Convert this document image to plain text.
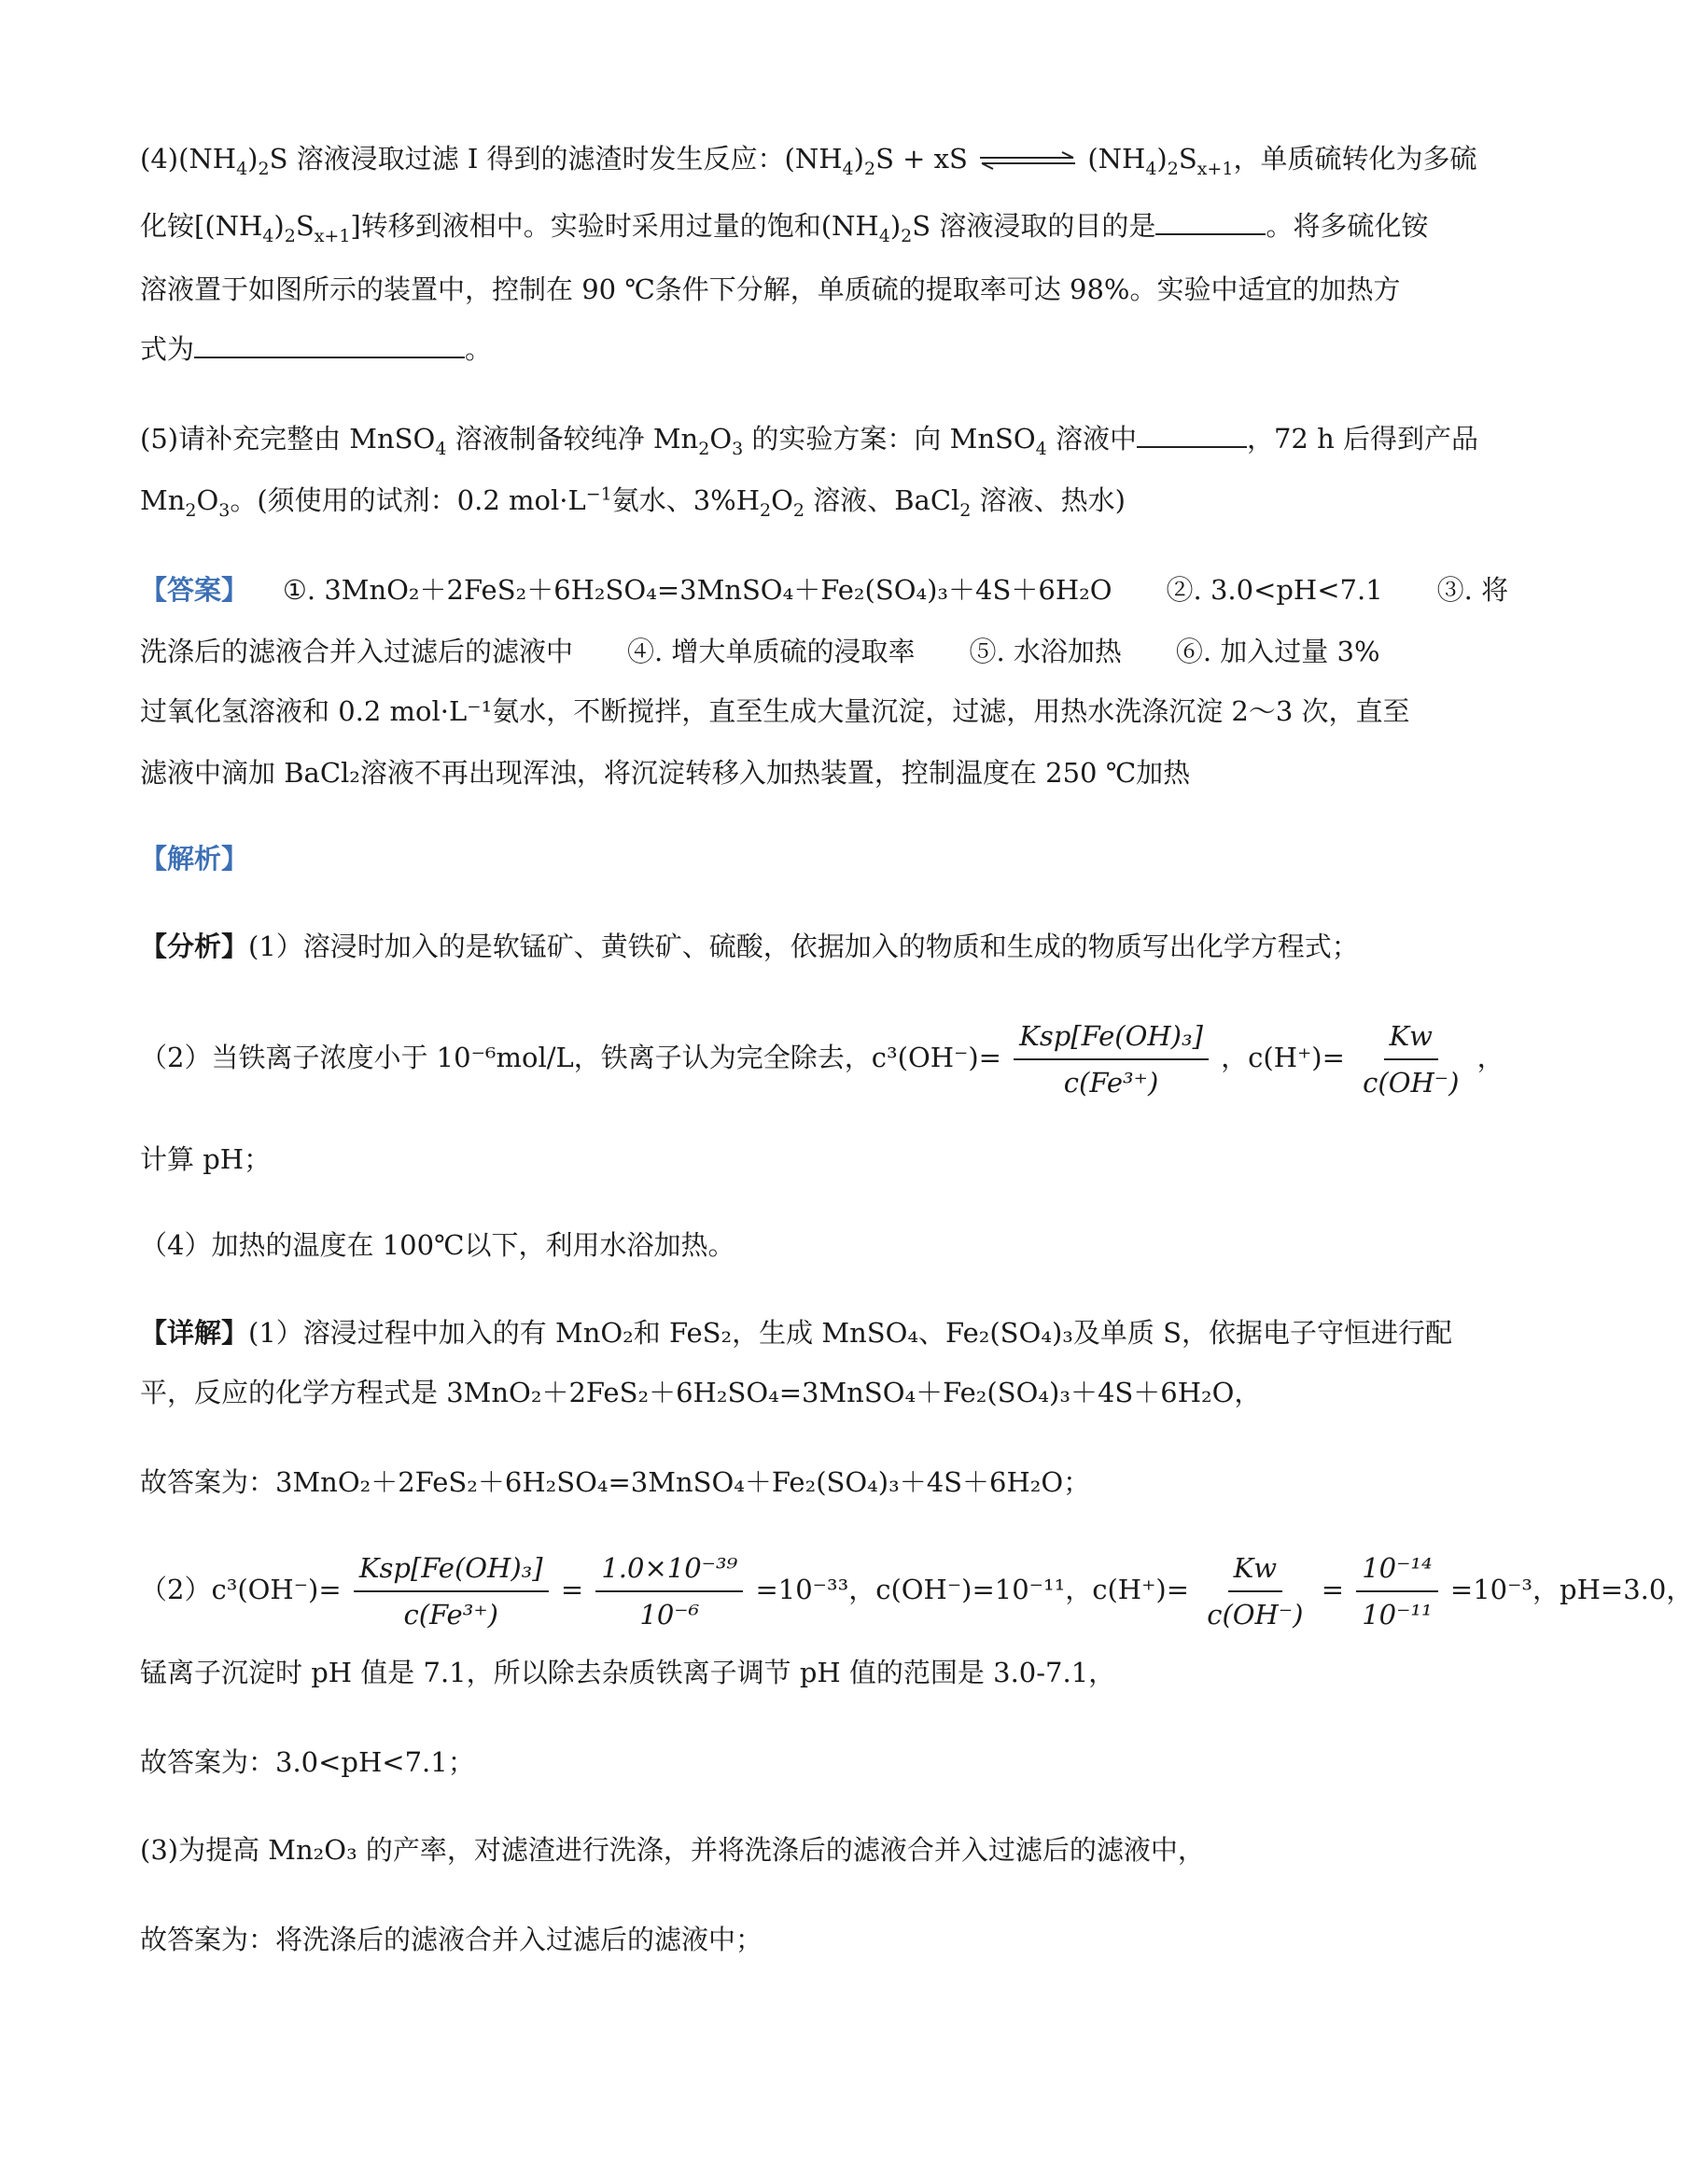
$(4)(NH_4)_2S$ 溶液浸取过滤 I 得到的滤渣时发生反应：$(NH_4)_2S$ + xS ⇌ $(NH_4)_2S_{x+1}$，单质硫转化为多硫
化铵$[(NH_4)_2S_{x+1}]$转移到液相中。实验时采用过量的饱和$(NH_4)_2S$ 溶液浸取的目的是	。将多硫化铵
溶液置于如图所示的装置中，控制在 90 ℃条件下分解，单质硫的提取率可达 98%。实验中适宜的加热方
式为	。
(5)请补充完整由 MnSO$_4$ 溶液制备较纯净 $Mn_2O_3$ 的实验方案：向 MnSO$_4$ 溶液中	，72 h 后得到产品
$Mn_2O_3$。(须使用的试剂：0.2 $mol\cdot L^{-1}$氨水、$3\%H_2O_2$ 溶液、BaCl$_2$ 溶液、热水)
【答案】 ①. 3MnO₂＋2FeS₂＋6H₂SO₄=3MnSO₄＋Fe₂(SO₄)₃＋4S＋6H₂O　　②. 3.0<pH<7.1　　③. 将
洗涤后的滤液合并入过滤后的滤液中　　④. 增大单质硫的浸取率　　⑤. 水浴加热　　⑥. 加入过量 3%
过氧化氢溶液和 0.2 mol·L⁻¹氨水，不断搅拌，直至生成大量沉淀，过滤，用热水洗涤沉淀 2～3 次，直至
滤液中滴加 BaCl₂溶液不再出现浑浊，将沉淀转移入加热装置，控制温度在 250 ℃加热
【解析】
【分析】(1）溶浸时加入的是软锰矿、黄铁矿、硫酸，依据加入的物质和生成的物质写出化学方程式；
（2）当铁离子浓度小于 10⁻⁶mol/L，铁离子认为完全除去，$c^3(OH^-)= \frac{\text{Ksp[Fe(OH)₃]}}{\text{c(Fe³⁺)}}$ ，$c(H^+)= \frac{Kw}{c(OH^-)}$ ，
计算 pH；
（4）加热的温度在 100℃以下，利用水浴加热。
【详解】(1）溶浸过程中加入的有 MnO₂和 FeS₂，生成 MnSO₄、Fe₂(SO₄)₃及单质 S，依据电子守恒进行配
平，反应的化学方程式是 3MnO₂＋2FeS₂＋6H₂SO₄=3MnSO₄＋Fe₂(SO₄)₃＋4S＋6H₂O，
故答案为：3MnO₂＋2FeS₂＋6H₂SO₄=3MnSO₄＋Fe₂(SO₄)₃＋4S＋6H₂O；
$(2)c^3(OH^-)= \frac{\text{Ksp[Fe(OH)₃]}}{\text{c(Fe³⁺)}} = \frac{\text{1.0×10⁻³⁹}}{\text{10⁻⁶}} =10^{-33}$，c(OH⁻)=10⁻¹¹，$c(H^+)= \frac{Kw}{c(OH^-)} = \frac{\text{10⁻¹⁴}}{\text{10⁻¹¹}} =10^{-3}$，pH=3.0，
锰离子沉淀时 pH 值是 7.1，所以除去杂质铁离子调节 pH 值的范围是 3.0-7.1，
故答案为：3.0<pH<7.1；
(3)为提高 Mn₂O₃ 的产率，对滤渣进行洗涤，并将洗涤后的滤液合并入过滤后的滤液中，
故答案为：将洗涤后的滤液合并入过滤后的滤液中；
